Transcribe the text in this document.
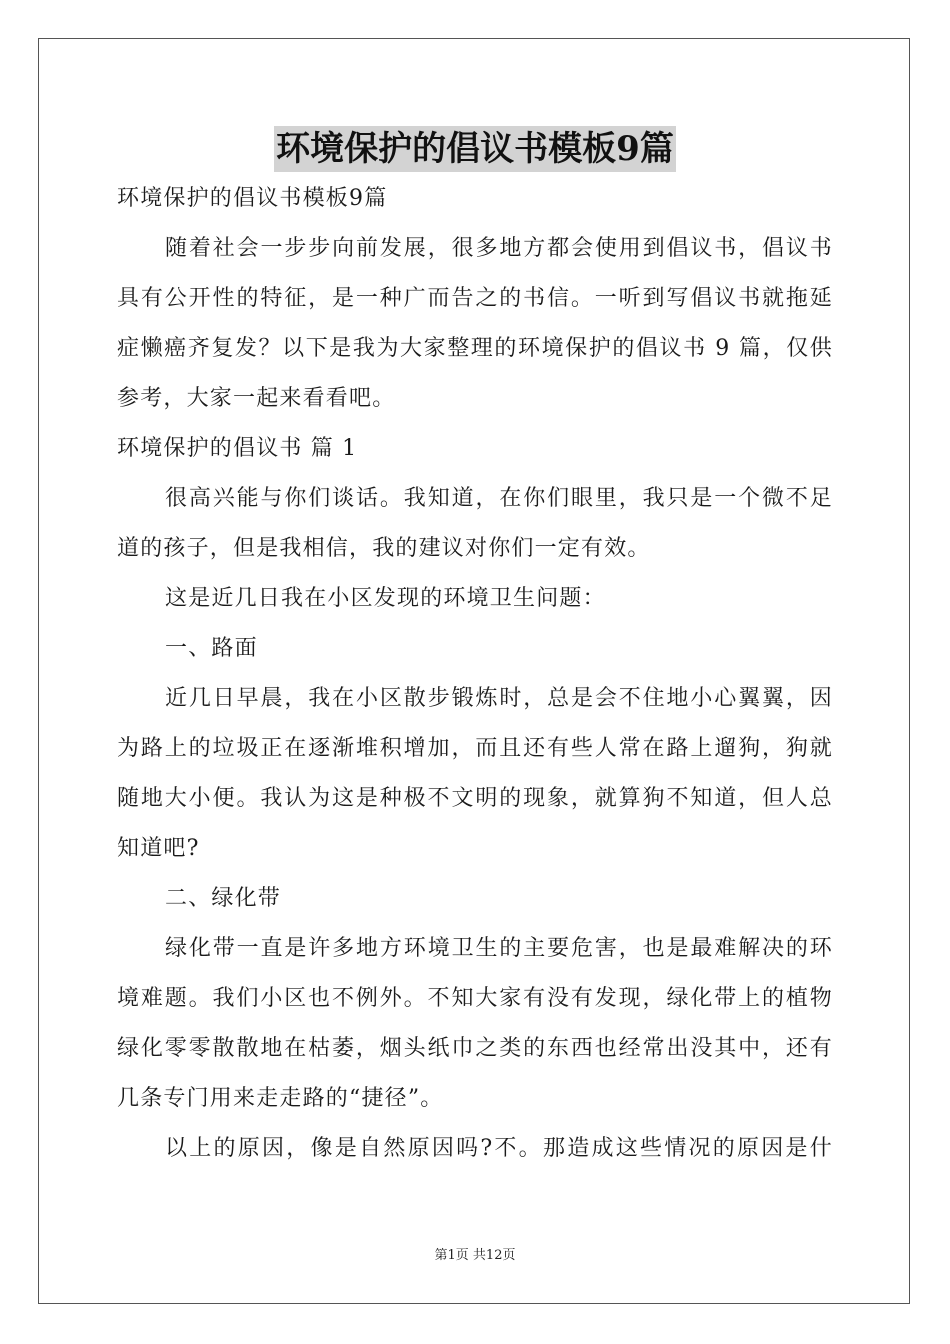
环境保护的倡议书模板9篇
环境保护的倡议书模板9篇
随着社会一步步向前发展，很多地方都会使用到倡议书，倡议书
具有公开性的特征，是一种广而告之的书信。一听到写倡议书就拖延
症懒癌齐复发？以下是我为大家整理的环境保护的倡议书 9 篇，仅供
参考，大家一起来看看吧。
环境保护的倡议书 篇 1
很高兴能与你们谈话。我知道，在你们眼里，我只是一个微不足
道的孩子，但是我相信，我的建议对你们一定有效。
这是近几日我在小区发现的环境卫生问题：
一、路面
近几日早晨，我在小区散步锻炼时，总是会不住地小心翼翼，因
为路上的垃圾正在逐渐堆积增加，而且还有些人常在路上遛狗，狗就
随地大小便。我认为这是种极不文明的现象，就算狗不知道，但人总
知道吧?
二、绿化带
绿化带一直是许多地方环境卫生的主要危害，也是最难解决的环
境难题。我们小区也不例外。不知大家有没有发现，绿化带上的植物
绿化零零散散地在枯萎，烟头纸巾之类的东西也经常出没其中，还有
几条专门用来走走路的“捷径”。
以上的原因，像是自然原因吗?不。那造成这些情况的原因是什
第1页 共12页
